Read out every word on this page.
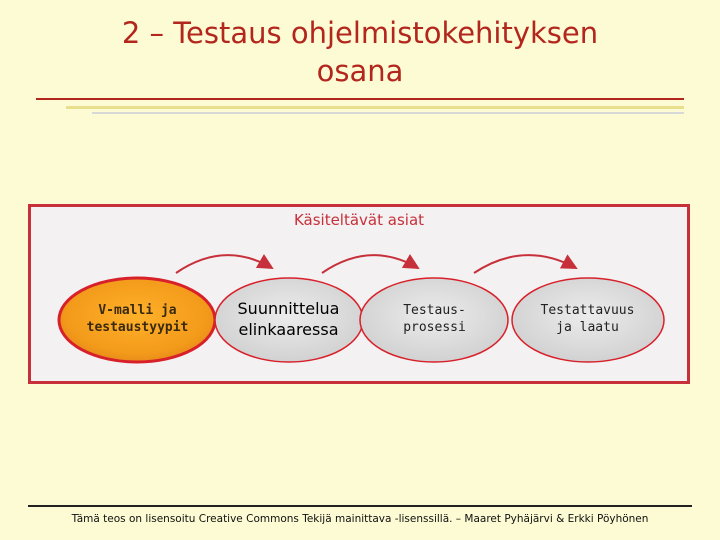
2 – Testaus ohjelmistokehityksen
osana
Käsiteltävät asiat
V-malli ja
testaustyypit
Suunnittelua
elinkaaressa
Testaus-
prosessi
Testattavuus
ja laatu
Tämä teos on lisensoitu Creative Commons Tekijä mainittava -lisenssillä. – Maaret Pyhäjärvi & Erkki Pöyhönen
